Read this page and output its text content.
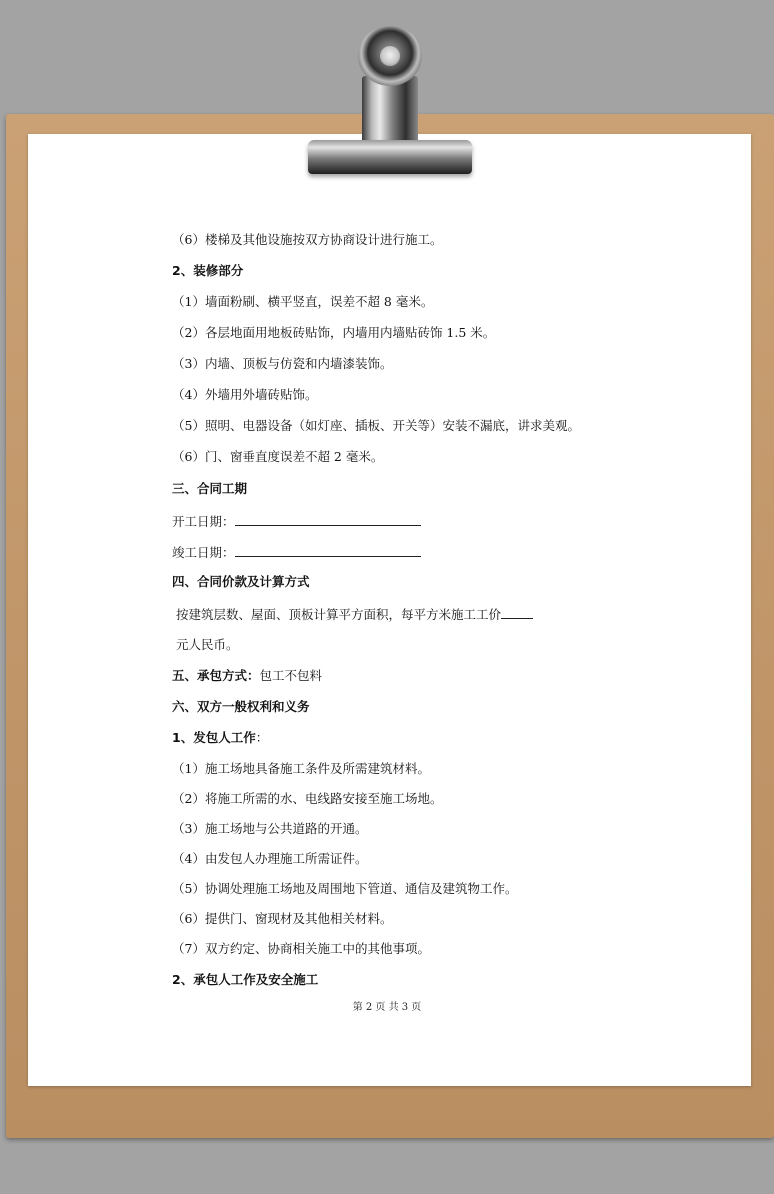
（6）楼梯及其他设施按双方协商设计进行施工。
2、装修部分
（1）墙面粉刷、横平竖直，误差不超 8 毫米。
（2）各层地面用地板砖贴饰，内墙用内墙贴砖饰 1.5 米。
（3）内墙、顶板与仿瓷和内墙漆装饰。
（4）外墙用外墙砖贴饰。
（5）照明、电器设备（如灯座、插板、开关等）安装不漏底，讲求美观。
（6）门、窗垂直度误差不超 2 毫米。
三、合同工期
开工日期：
竣工日期：
四、合同价款及计算方式
按建筑层数、屋面、顶板计算平方面积，每平方米施工工价
元人民币。
五、承包方式：包工不包料
六、双方一般权利和义务
1、发包人工作：
（1）施工场地具备施工条件及所需建筑材料。
（2）将施工所需的水、电线路安接至施工场地。
（3）施工场地与公共道路的开通。
（4）由发包人办理施工所需证件。
（5）协调处理施工场地及周围地下管道、通信及建筑物工作。
（6）提供门、窗现材及其他相关材料。
（7）双方约定、协商相关施工中的其他事项。
2、承包人工作及安全施工
第 2 页 共 3 页
